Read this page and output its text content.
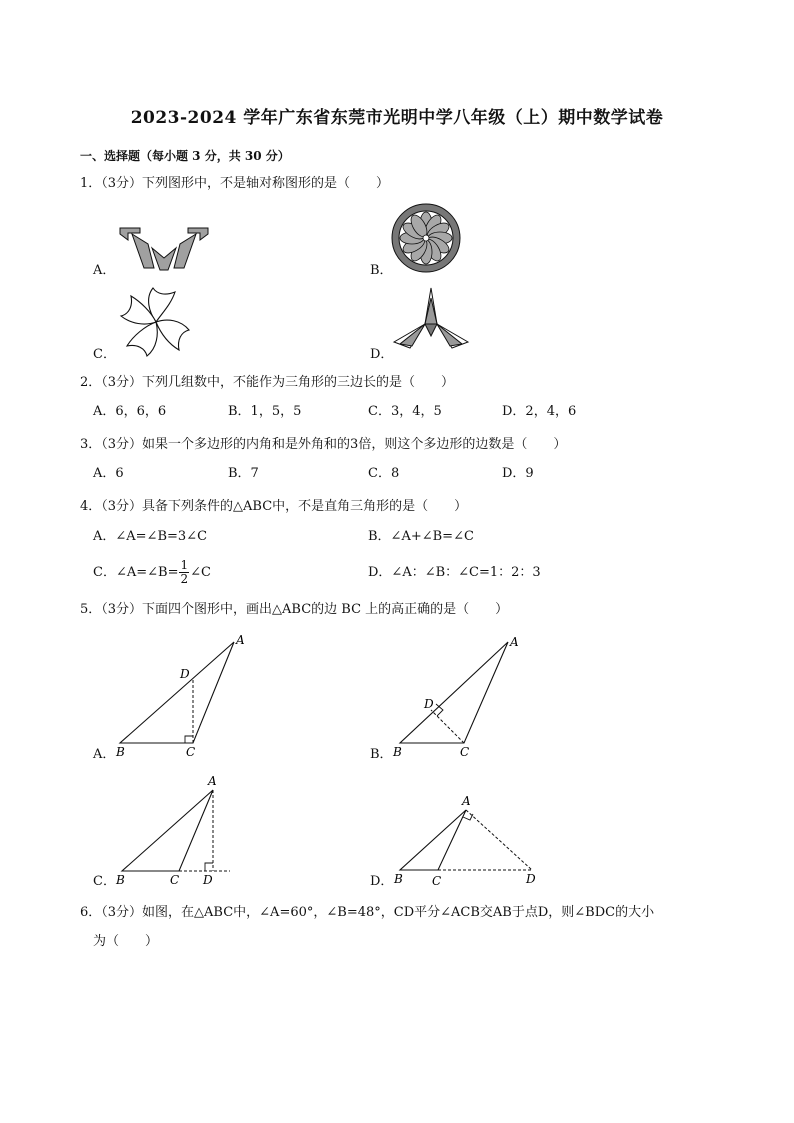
2023-2024 学年广东省东莞市光明中学八年级（上）期中数学试卷
一、选择题（每小题 3 分，共 30 分）
1．（3分）下列图形中，不是轴对称图形的是（　　）
A．	B．
C．	D．
2．（3分）下列几组数中，不能作为三角形的三边长的是（　　）
A．6，6，6	B．1，5，5	C．3，4，5	D．2，4，6
3．（3分）如果一个多边形的内角和是外角和的3倍，则这个多边形的边数是（　　）
A．6	B．7	C．8	D．9
4．（3分）具备下列条件的△ABC中，不是直角三角形的是（　　）
A．∠A=∠B=3∠C	B．∠A+∠B=∠C
C．∠A=∠B= $\frac{1}{2}$ ∠C	D．∠A：∠B：∠C=1：2：3
5．（3分）下面四个图形中，画出△ABC的边 BC 上的高正确的是（　　）
A． B	C
A
D
B． B	C
A
D
C． B	C
A
D	D． B C
A
D
6．（3分）如图，在△ABC中，∠A=60°，∠B=48°，CD平分∠ACB交AB于点D，则∠BDC的大小
为（　　）
